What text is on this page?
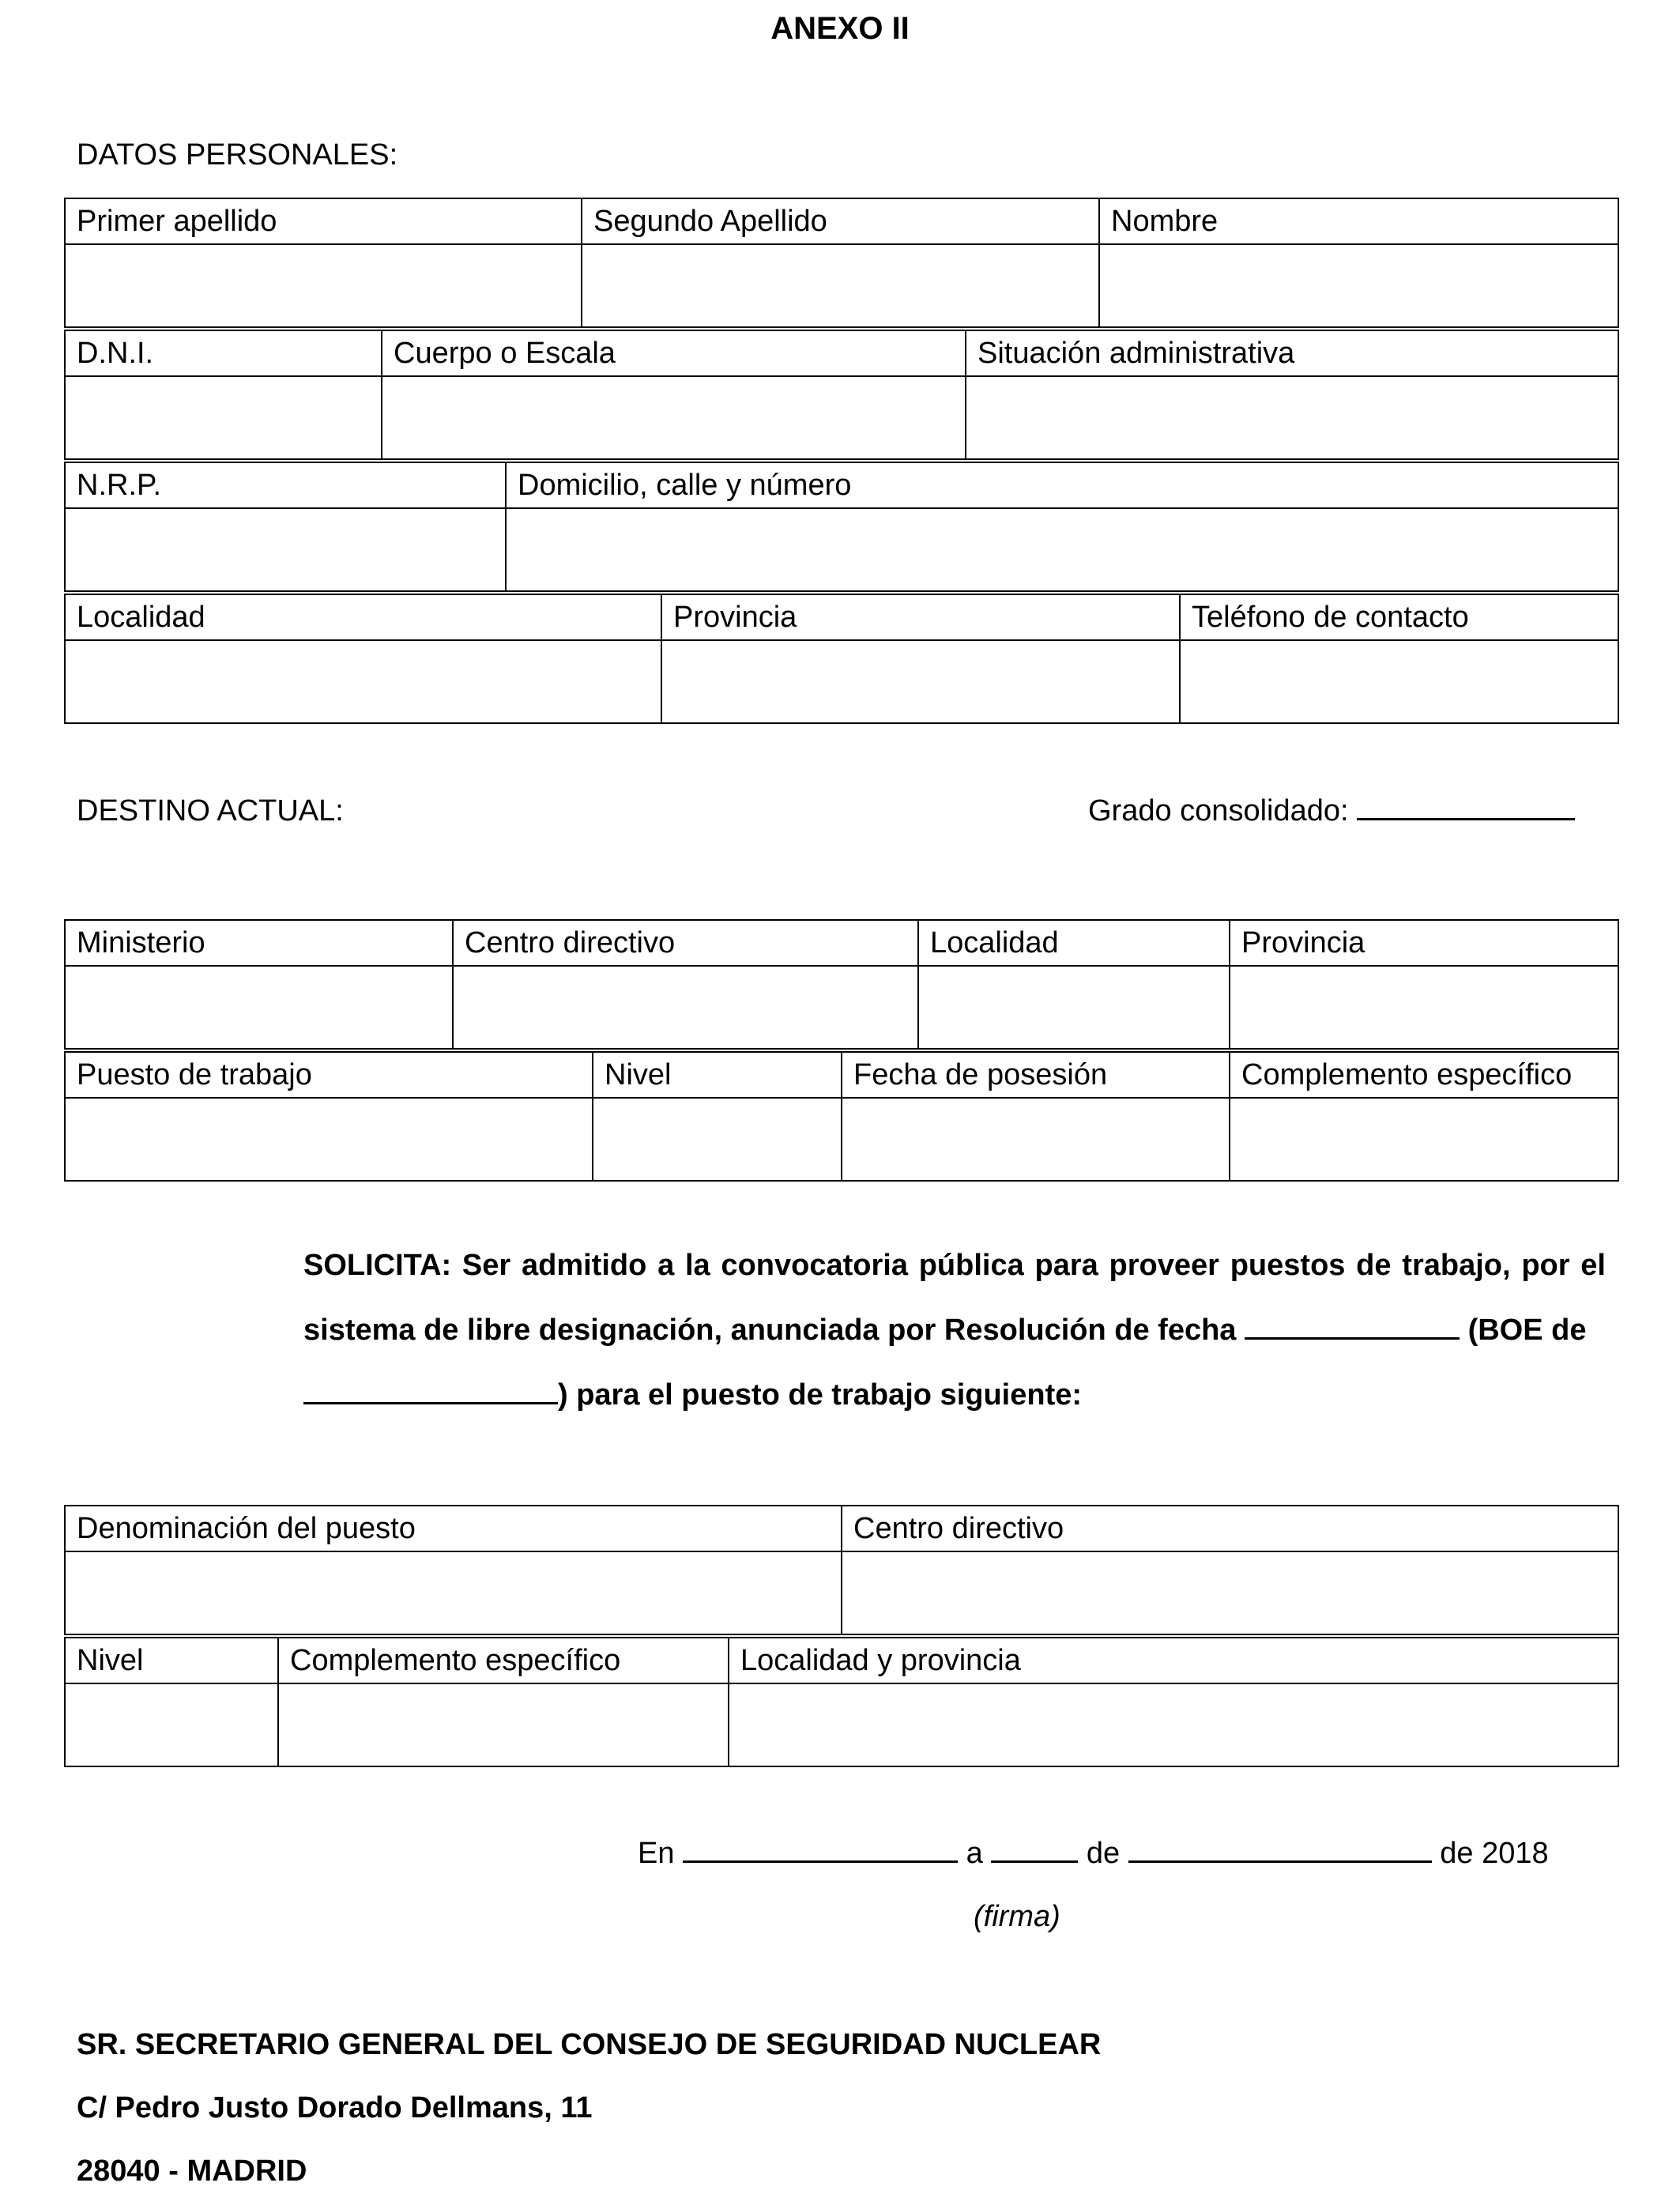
ANEXO II
DATOS PERSONALES:
Primer apellido	Segundo Apellido	Nombre

D.N.I.	Cuerpo o Escala	Situación administrativa

N.R.P.	Domicilio, calle y número

Localidad	Provincia	Teléfono de contacto

DESTINO ACTUAL:	Grado consolidado:
Ministerio	Centro directivo	Localidad	Provincia

Puesto de trabajo	Nivel	Fecha de posesión	Complemento específico

SOLICITA: Ser admitido a la convocatoria pública para proveer puestos de trabajo, por el sistema de libre designación, anunciada por Resolución de fecha	(BOE de
) para el puesto de trabajo siguiente:
Denominación del puesto	Centro directivo

Nivel	Complemento específico	Localidad y provincia

En	a	de	de 2018
(firma)
SR. SECRETARIO GENERAL DEL CONSEJO DE SEGURIDAD NUCLEAR
C/ Pedro Justo Dorado Dellmans, 11
28040 - MADRID
